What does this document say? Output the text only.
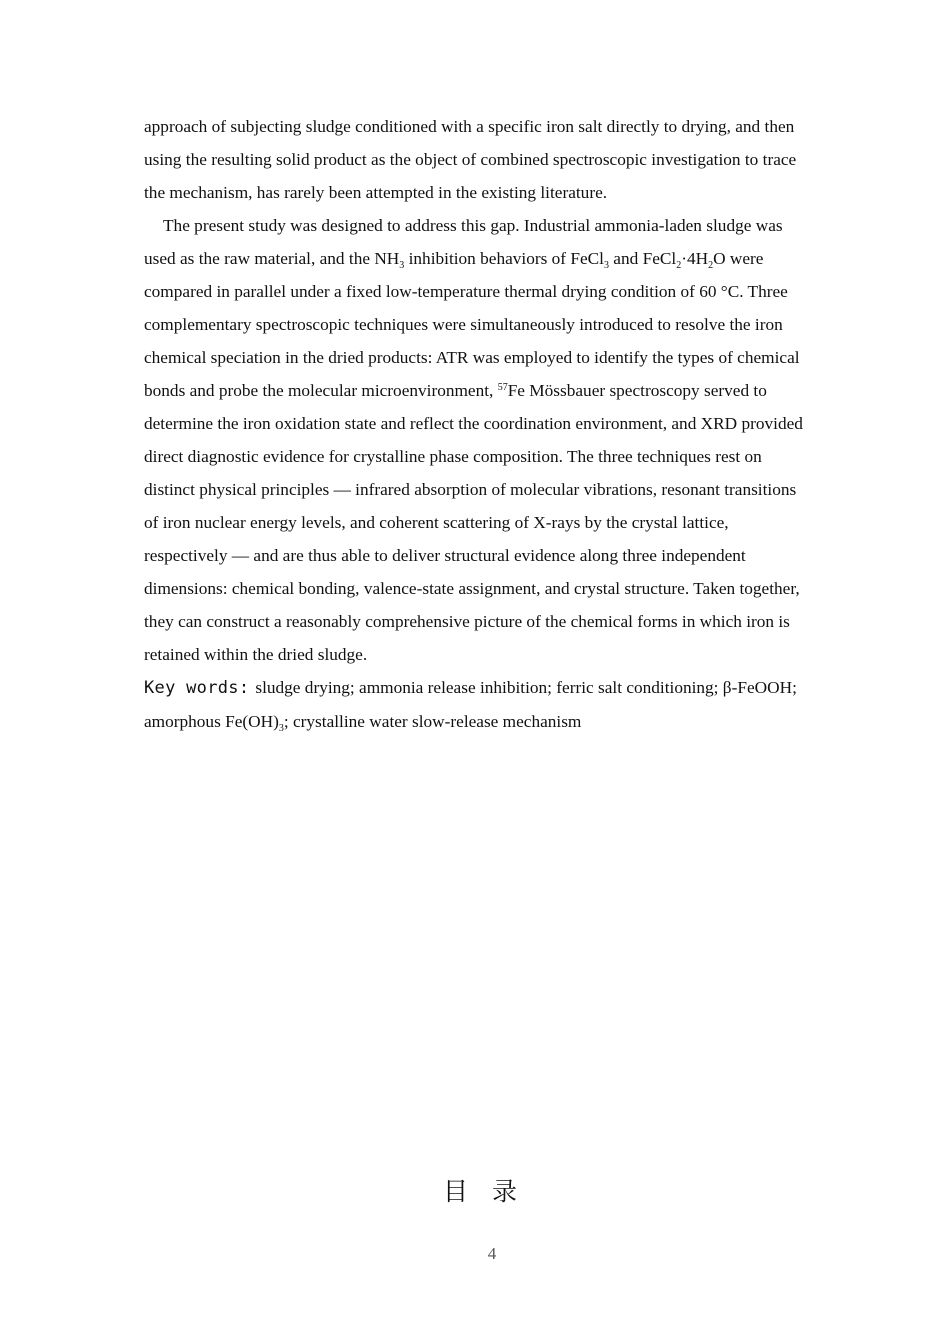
approach of subjecting sludge conditioned with a specific iron salt directly to drying, and then using the resulting solid product as the object of combined spectroscopic investigation to trace the mechanism, has rarely been attempted in the existing literature.

The present study was designed to address this gap. Industrial ammonia-laden sludge was used as the raw material, and the $NH_3$ inhibition behaviors of FeCl$_3$ and $FeCl_2\cdot 4H_2O$ were compared in parallel under a fixed low-temperature thermal drying condition of 60 °C. Three complementary spectroscopic techniques were simultaneously introduced to resolve the iron chemical speciation in the dried products: ATR was employed to identify the types of chemical bonds and probe the molecular microenvironment, $^{57}$Fe Mössbauer spectroscopy served to determine the iron oxidation state and reflect the coordination environment, and XRD provided direct diagnostic evidence for crystalline phase composition. The three techniques rest on distinct physical principles — infrared absorption of molecular vibrations, resonant transitions of iron nuclear energy levels, and coherent scattering of X-rays by the crystal lattice, respectively — and are thus able to deliver structural evidence along three independent dimensions: chemical bonding, valence-state assignment, and crystal structure. Taken together, they can construct a reasonably comprehensive picture of the chemical forms in which iron is retained within the dried sludge.

Key words: sludge drying; ammonia release inhibition; ferric salt conditioning; β-FeOOH; amorphous $Fe(OH)_3$; crystalline water slow-release mechanism

目录
4
